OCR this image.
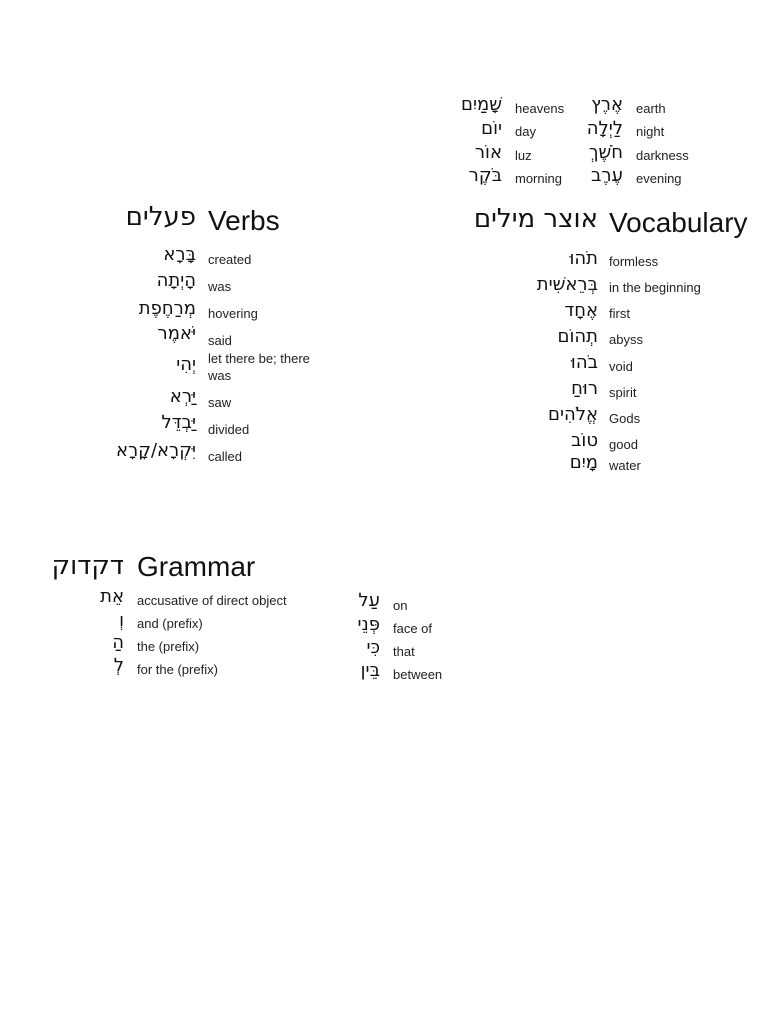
שָׁמַיִם heavens
יוֹם day
אוֹר luz
בֹּקֶר morning
אֶרֶץ earth
לַיְלָה night
חֹשֶׁךְ darkness
עֶרֶב evening
פעלים Verbs
בָּרָא created
הָיְתָה was
מְרַחֶפֶת hovering
יֹּאמֶר said
יְהִי let there be; there was
יַּרְא saw
יַּבְדֵּל divided
יִּקְרָא/קָרָא called
אוצר מילים Vocabulary
תֹהוּ formless
בְּרֵאשִׁית in the beginning
אֶחָד first
תְהוֹם abyss
בֹהוּ void
רוּחַ spirit
אֱלֹהִים Gods
טוֹב good
מָיִם water
דקדוק Grammar
אֵת accusative of direct object
וְ and (prefix)
הַ the (prefix)
לְ for the (prefix)
עַל on
פְּנֵי face of
כִּי that
בֵּין between
